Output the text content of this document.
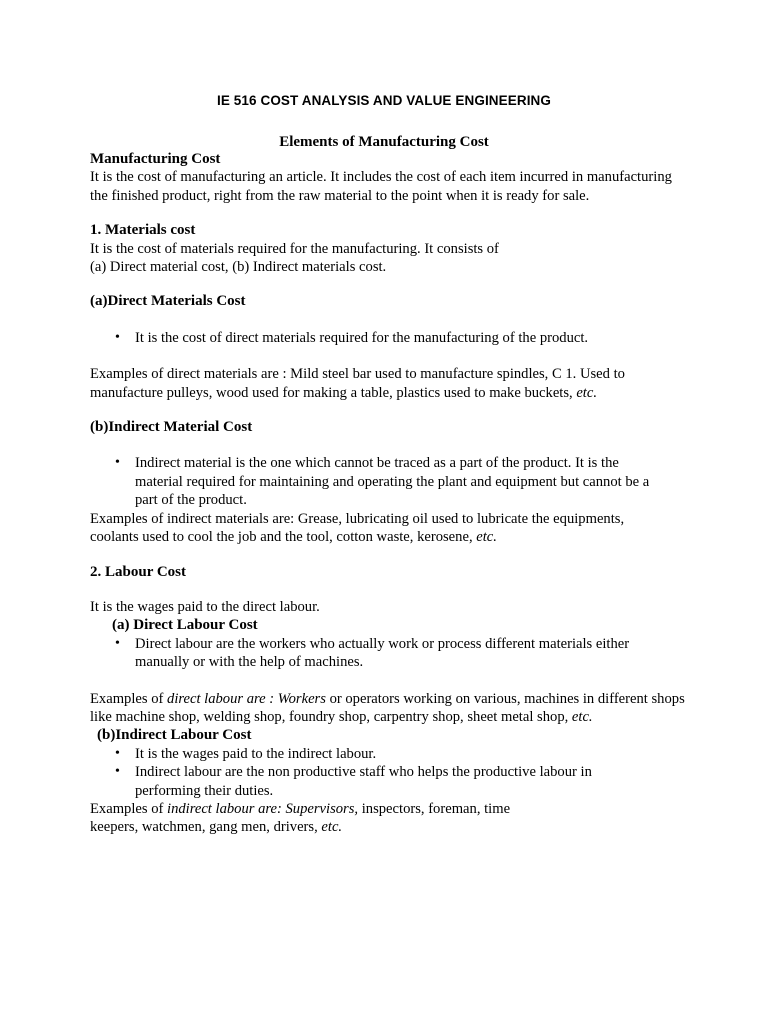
IE 516 COST ANALYSIS AND VALUE ENGINEERING
Elements of Manufacturing Cost

Manufacturing Cost

It is the cost of manufacturing an article. It includes the cost of each item incurred in manufacturing the finished product, right from the raw material to the point when it is ready for sale.

1. Materials cost

It is the cost of materials required for the manufacturing. It consists of

(a) Direct material cost, (b) Indirect materials cost.

(a)Direct Materials Cost

• It is the cost of direct materials required for the manufacturing of the product.

Examples of direct materials are : Mild steel bar used to manufacture spindles, C 1. Used to manufacture pulleys, wood used for making a table, plastics used to make buckets, etc.

(b)Indirect Material Cost

• Indirect material is the one which cannot be traced as a part of the product. It is the material required for maintaining and operating the plant and equipment but cannot be a part of the product.

Examples of indirect materials are: Grease, lubricating oil used to lubricate the equipments, coolants used to cool the job and the tool, cotton waste, kerosene, etc.

2. Labour Cost

It is the wages paid to the direct labour.

(a) Direct Labour Cost

• Direct labour are the workers who actually work or process different materials either manually or with the help of machines.

Examples of direct labour are : Workers or operators working on various, machines in different shops like machine shop, welding shop, foundry shop, carpentry shop, sheet metal shop, etc.

(b)Indirect Labour Cost

• It is the wages paid to the indirect labour.
• Indirect labour are the non productive staff who helps the productive labour in performing their duties.

Examples of indirect labour are: Supervisors, inspectors, foreman, time

keepers, watchmen, gang men, drivers, etc.
